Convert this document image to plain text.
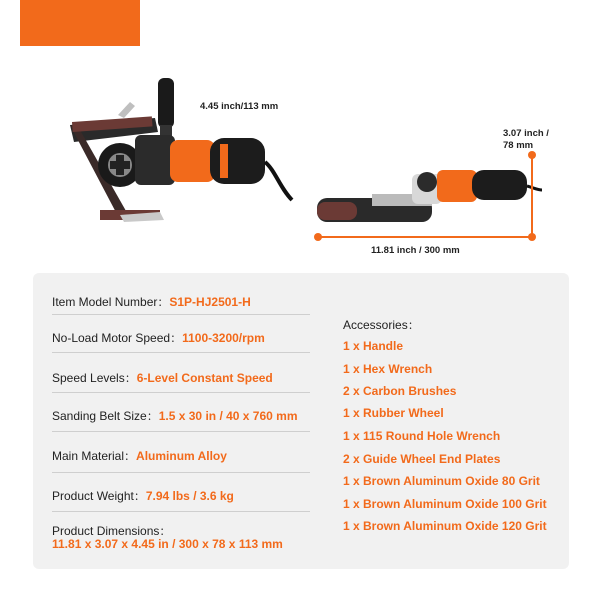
4.45 inch/113 mm
3.07 inch /
78 mm
11.81 inch / 300 mm
Item Model Number：S1P-HJ2501-H
No-Load Motor Speed：1100-3200/rpm
Speed Levels：6-Level Constant Speed
Sanding Belt Size：1.5 x 30 in / 40 x 760 mm
Main Material：Aluminum Alloy
Product Weight：7.94 lbs / 3.6 kg
Product Dimensions：
11.81 x 3.07 x 4.45 in / 300 x 78 x 113 mm
Accessories：
1 x Handle
1 x Hex Wrench
2 x Carbon Brushes
1 x Rubber Wheel
1 x 115 Round Hole Wrench
2 x Guide Wheel End Plates
1 x Brown Aluminum Oxide 80 Grit
1 x Brown Aluminum Oxide 100 Grit
1 x Brown Aluminum Oxide 120 Grit
